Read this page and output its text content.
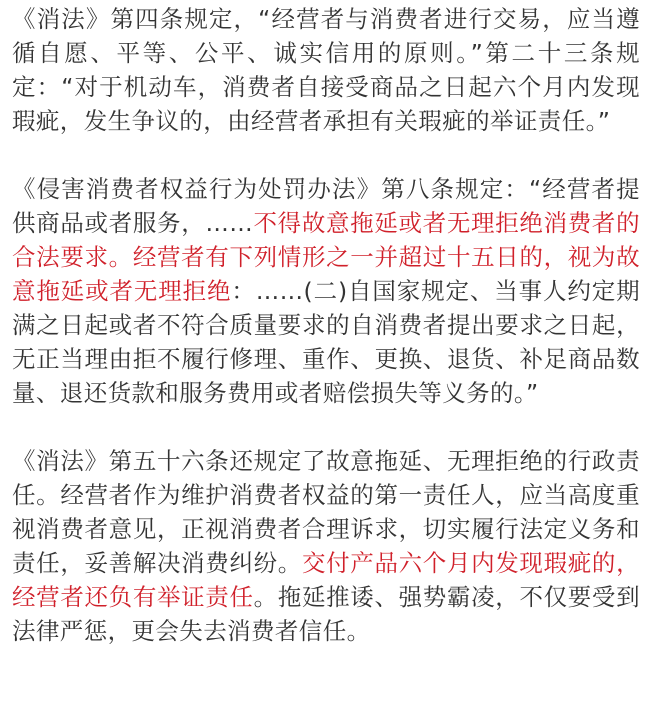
《消法》第四条规定，“经营者与消费者进行交易，应当遵循自愿、平等、公平、诚实信用的原则。”第二十三条规定：“对于机动车，消费者自接受商品之日起六个月内发现瑕疵，发生争议的，由经营者承担有关瑕疵的举证责任。”

《侵害消费者权益行为处罚办法》第八条规定：“经营者提供商品或者服务，……不得故意拖延或者无理拒绝消费者的合法要求。经营者有下列情形之一并超过十五日的，视为故意拖延或者无理拒绝：……(二)自国家规定、当事人约定期满之日起或者不符合质量要求的自消费者提出要求之日起，无正当理由拒不履行修理、重作、更换、退货、补足商品数量、退还货款和服务费用或者赔偿损失等义务的。”

《消法》第五十六条还规定了故意拖延、无理拒绝的行政责任。经营者作为维护消费者权益的第一责任人，应当高度重视消费者意见，正视消费者合理诉求，切实履行法定义务和责任，妥善解决消费纠纷。交付产品六个月内发现瑕疵的，经营者还负有举证责任。拖延推诿、强势霸凌，不仅要受到法律严惩，更会失去消费者信任。
